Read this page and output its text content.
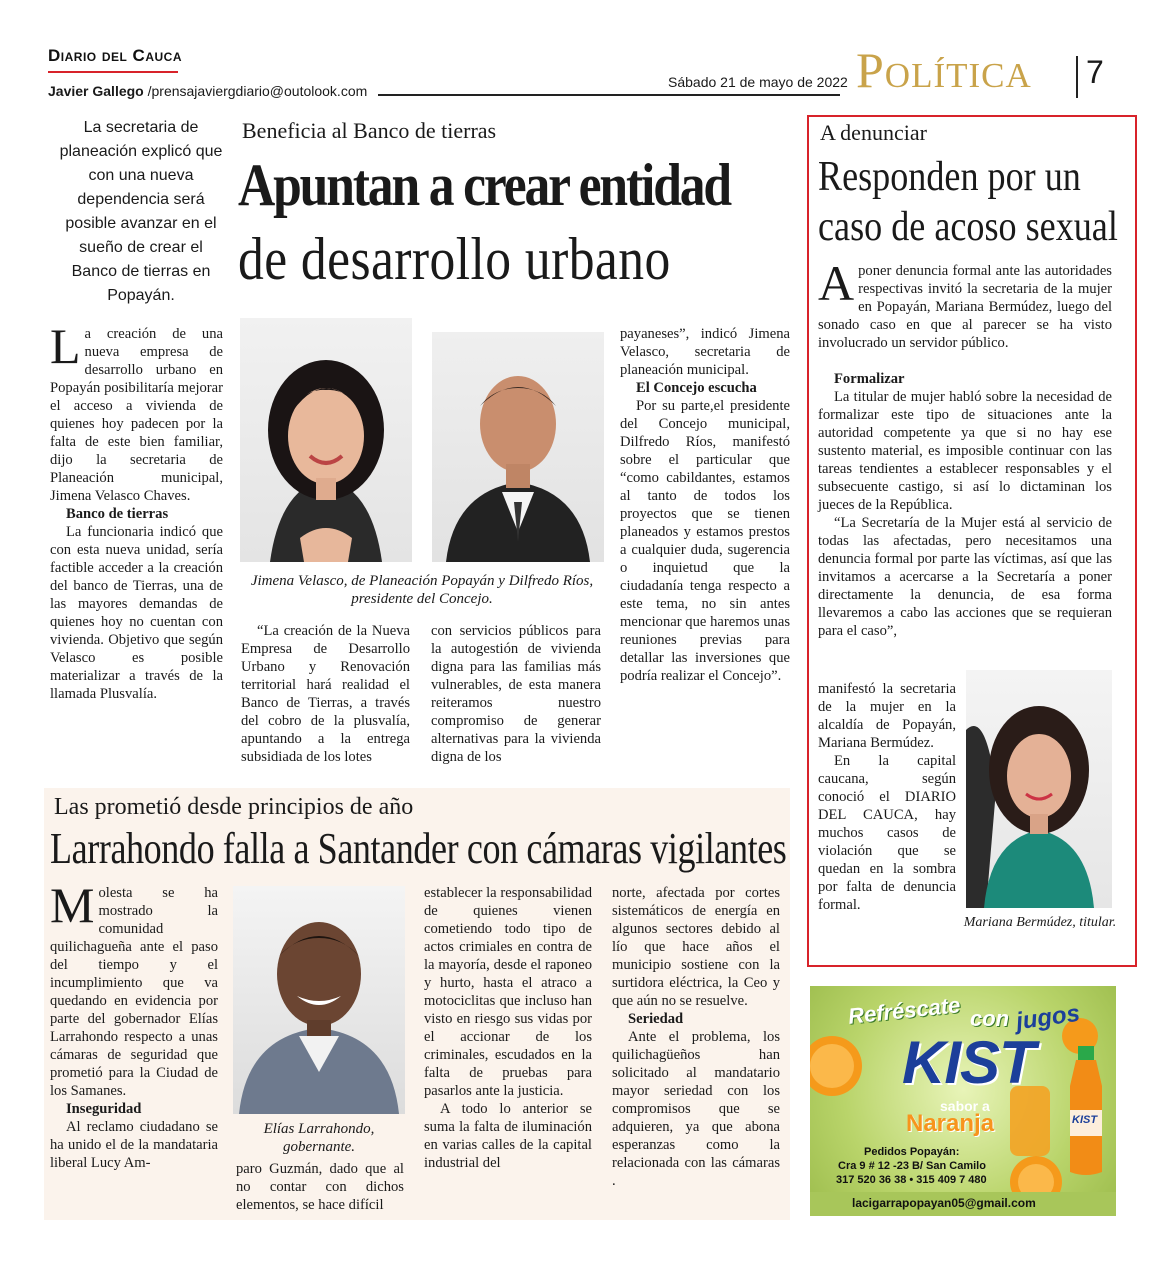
Diario del Cauca
Javier Gallego /prensajaviergdiario@outolook.com
Sábado 21 de mayo de 2022 Política 7
La secretaria de planeación explicó que con una nueva dependencia será posible avanzar en el sueño de crear el Banco de tierras en Popayán.
Beneficia al Banco de tierras
Apuntan a crear entidad
de desarrollo urbano

La creación de una nueva empresa de desarrollo urbano en Popayán posibilitaría mejorar el acceso a vivienda de quienes hoy padecen por la falta de este bien familiar, dijo la secretaria de Planeación municipal, Jimena Velasco Chaves.

Banco de tierras

La funcionaria indicó que con esta nueva unidad, sería factible acceder a la creación del banco de Tierras, una de las mayores demandas de quienes hoy no cuentan con vivienda. Objetivo que según Velasco es posible materializar a través de la llamada Plusvalía.

Jimena Velasco, de Planeación Popayán y Dilfredo Ríos, presidente del Concejo.

“La creación de la Nueva Empresa de Desarrollo Urbano y Renovación territorial hará realidad el Banco de Tierras, a través del cobro de la plusvalía, apuntando a la entrega subsidiada de los lotes

con servicios públicos para la autogestión de vivienda digna para las familias más vulnerables, de esta manera reiteramos nuestro compromiso de generar alternativas para la vivienda digna de los

payaneses”, indicó Jimena Velasco, secretaria de planeación municipal.

El Concejo escucha

Por su parte,el presidente del Concejo municipal, Dilfredo Ríos, manifestó sobre el particular que “como cabildantes, estamos al tanto de todos los proyectos que se tienen planeados y estamos prestos a cualquier duda, sugerencia o inquietud que la ciudadanía tenga respecto a este tema, no sin antes mencionar que haremos unas reuniones previas para detallar las inversiones que podría realizar el Concejo”.

A denunciar
Responden por un
caso de acoso sexual

Aponer denuncia formal ante las autoridades respectivas invitó la secretaria de la mujer en Popayán, Mariana Bermúdez, luego del sonado caso en que al parecer se ha visto involucrado un servidor público.

Formalizar

La titular de mujer habló sobre la necesidad de formalizar este tipo de situaciones ante la autoridad competente ya que si no hay ese sustento material, es imposible continuar con las tareas tendientes a establecer responsables y el subsecuente castigo, si así lo dictaminan los jueces de la República.

“La Secretaría de la Mujer está al servicio de todas las afectadas, pero necesitamos una denuncia formal por parte las víctimas, así que las invitamos a acercarse a la Secretaría a poner directamente la denuncia, de esa forma llevaremos a cabo las acciones que se requieran para el caso”,

manifestó la secretaria de la mujer en la alcaldía de Popayán, Mariana Bermúdez.

En la capital caucana, según conoció el DIARIO DEL CAUCA, hay muchos casos de violación que se quedan en la sombra por falta de denuncia formal.

Mariana Bermúdez, titular.
Las prometió desde principios de año
Larrahondo falla a Santander con cámaras vigilantes

Molesta se ha mostrado la comunidad quilichagueña ante el paso del tiempo y el incumplimiento que va quedando en evidencia por parte del gobernador Elías Larrahondo respecto a unas cámaras de seguridad que prometió para la Ciudad de los Samanes.

Inseguridad

Al reclamo ciudadano se ha unido el de la mandataria liberal Lucy Am-

Elías Larrahondo, gobernante.

paro Guzmán, dado que al no contar con dichos elementos, se hace difícil

establecer la responsabilidad de quienes vienen cometiendo todo tipo de actos crimiales en contra de la mayoría, desde el raponeo y hurto, hasta el atraco a motociclitas que incluso han visto en riesgo sus vidas por el accionar de los criminales, escudados en la falta de pruebas para pasarlos ante la justicia.

A todo lo anterior se suma la falta de iluminación en varias calles de la capital industrial del

norte, afectada por cortes sistemáticos de energía en algunos sectores debido al lío que hace años el municipio sostiene con la surtidora eléctrica, la Ceo y que aún no se resuelve.

Seriedad

Ante el problema, los quilichagüeños han solicitado al mandatario mayor seriedad con los compromisos que se adquieren, ya que abona esperanzas como la relacionada con las cámaras .

KIST
Refréscate con jugos
KIST
sabor a
Naranja
Pedidos Popayán:
Cra 9 # 12 -23 B/ San Camilo
317 520 36 38 • 315 409 7 480
lacigarrapopayan05@gmail.com
